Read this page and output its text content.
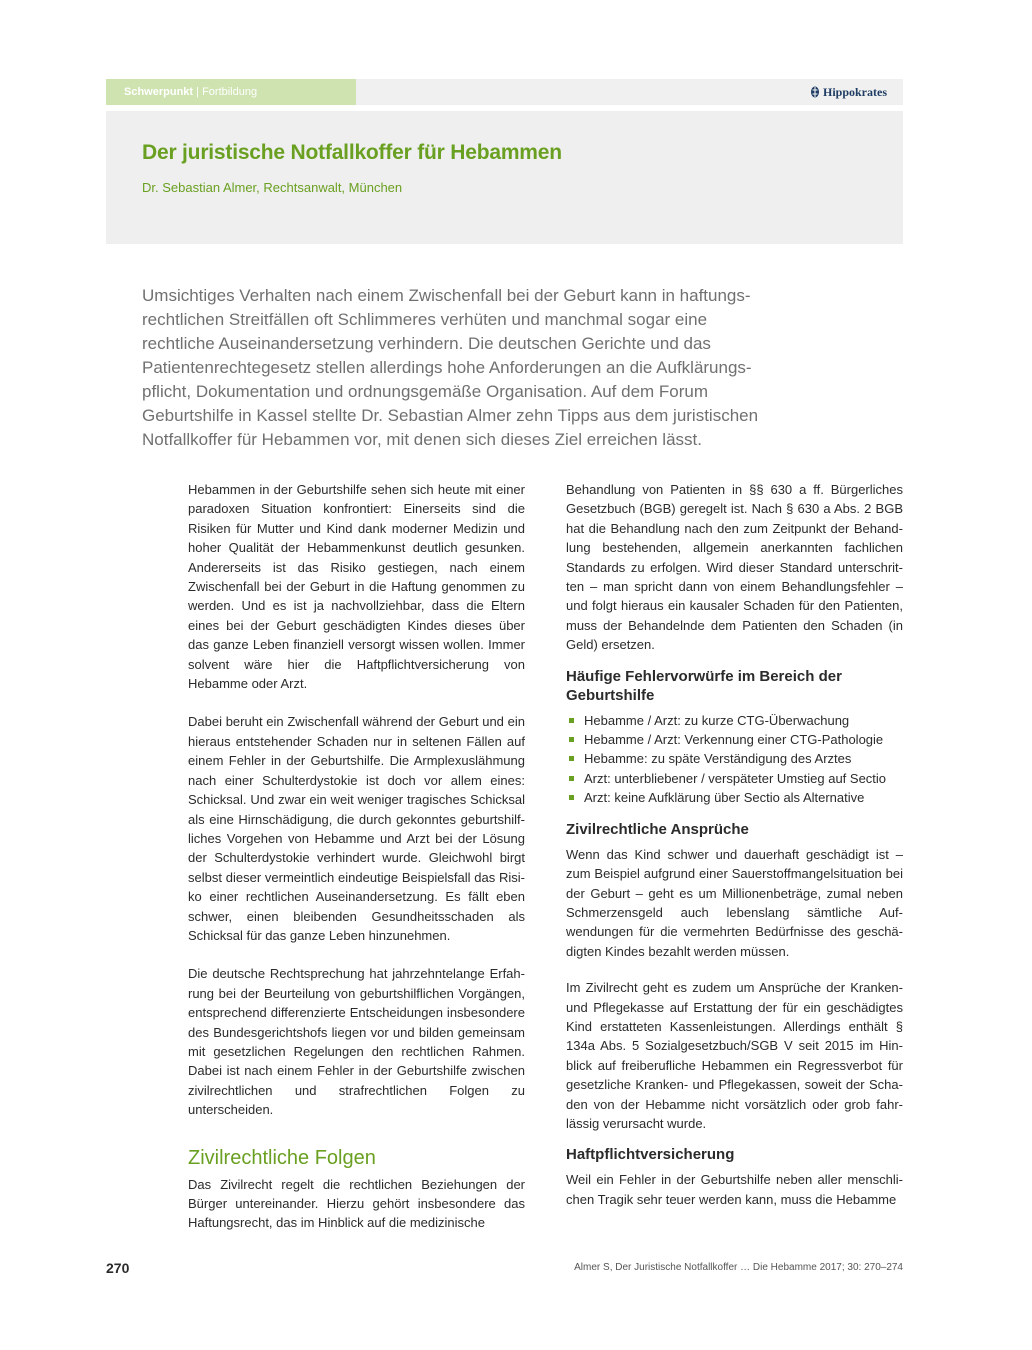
Schwerpunkt | Fortbildung	Hippokrates
Der juristische Notfallkoffer für Hebammen
Dr. Sebastian Almer, Rechtsanwalt, München
Umsichtiges Verhalten nach einem Zwischenfall bei der Geburt kann in haftungs-
rechtlichen Streitfällen oft Schlimmeres verhüten und manchmal sogar eine
rechtliche Auseinandersetzung verhindern. Die deutschen Gerichte und das
Patientenrechtegesetz stellen allerdings hohe Anforderungen an die Aufklärungs-
pflicht, Dokumentation und ordnungsgemäße Organisation. Auf dem Forum
Geburtshilfe in Kassel stellte Dr. Sebastian Almer zehn Tipps aus dem juristischen
Notfallkoffer für Hebammen vor, mit denen sich dieses Ziel erreichen lässt.

Hebammen in der Geburtshilfe sehen sich heute mit einer paradoxen Situation konfrontiert: Einerseits sind die Risiken für Mutter und Kind dank moderner Medizin und hoher Qualität der Hebammenkunst deutlich gesunken. Andererseits ist das Risiko gestiegen, nach einem Zwischenfall bei der Geburt in die Haftung genommen zu werden. Und es ist ja nachvollziehbar, dass die Eltern eines bei der Geburt geschädigten Kindes dieses über das ganze Leben finanziell versorgt wissen wollen. Immer solvent wäre hier die Haftpflichtversicherung von Hebamme oder Arzt.

Dabei beruht ein Zwischenfall während der Geburt und ein hieraus entstehender Schaden nur in seltenen Fällen auf einem Fehler in der Geburtshilfe. Die Armplexuslähmung nach einer Schulterdystokie ist doch vor allem eines: Schicksal. Und zwar ein weit weniger tragisches Schicksal als eine Hirnschädigung, die durch gekonntes geburtshilfliches Vorgehen von Hebamme und Arzt bei der Lösung der Schulterdystokie verhindert wurde. Gleichwohl birgt selbst dieser vermeintlich eindeutige Beispielsfall das Risiko einer rechtlichen Auseinandersetzung. Es fällt eben schwer, einen bleibenden Gesundheitsschaden als Schicksal für das ganze Leben hinzunehmen.

Die deutsche Rechtsprechung hat jahrzehntelange Erfahrung bei der Beurteilung von geburtshilflichen Vorgängen, entsprechend differenzierte Entscheidungen insbesondere des Bundesgerichtshofs liegen vor und bilden gemeinsam mit gesetzlichen Regelungen den rechtlichen Rahmen. Dabei ist nach einem Fehler in der Geburtshilfe zwischen zivilrechtlichen und strafrechtlichen Folgen zu unterscheiden.

Zivilrechtliche Folgen

Das Zivilrecht regelt die rechtlichen Beziehungen der Bürger untereinander. Hierzu gehört insbesondere das Haftungsrecht, das im Hinblick auf die medizinische

Behandlung von Patienten in §§ 630 a ff. Bürgerliches Gesetzbuch (BGB) geregelt ist. Nach § 630 a Abs. 2 BGB hat die Behandlung nach den zum Zeitpunkt der Behandlung bestehenden, allgemein anerkannten fachlichen Standards zu erfolgen. Wird dieser Standard unterschritten – man spricht dann von einem Behandlungsfehler – und folgt hieraus ein kausaler Schaden für den Patienten, muss der Behandelnde dem Patienten den Schaden (in Geld) ersetzen.

Häufige Fehlervorwürfe im Bereich der Geburtshilfe
Hebamme / Arzt: zu kurze CTG-Überwachung
Hebamme / Arzt: Verkennung einer CTG-Pathologie
Hebamme: zu späte Verständigung des Arztes
Arzt: unterbliebener / verspäteter Umstieg auf Sectio
Arzt: keine Aufklärung über Sectio als Alternative
Zivilrechtliche Ansprüche

Wenn das Kind schwer und dauerhaft geschädigt ist – zum Beispiel aufgrund einer Sauerstoffmangelsituation bei der Geburt – geht es um Millionenbeträge, zumal neben Schmerzensgeld auch lebenslang sämtliche Aufwendungen für die vermehrten Bedürfnisse des geschädigten Kindes bezahlt werden müssen.

Im Zivilrecht geht es zudem um Ansprüche der Kranken- und Pflegekasse auf Erstattung der für ein geschädigtes Kind erstatteten Kassenleistungen. Allerdings enthält § 134a Abs. 5 Sozialgesetzbuch/SGB V seit 2015 im Hinblick auf freiberufliche Hebammen ein Regressverbot für gesetzliche Kranken- und Pflegekassen, soweit der Schaden von der Hebamme nicht vorsätzlich oder grob fahrlässig verursacht wurde.

Haftpflichtversicherung

Weil ein Fehler in der Geburtshilfe neben aller menschlichen Tragik sehr teuer werden kann, muss die Hebamme

270	Almer S, Der Juristische Notfallkoffer … Die Hebamme 2017; 30: 270–274
